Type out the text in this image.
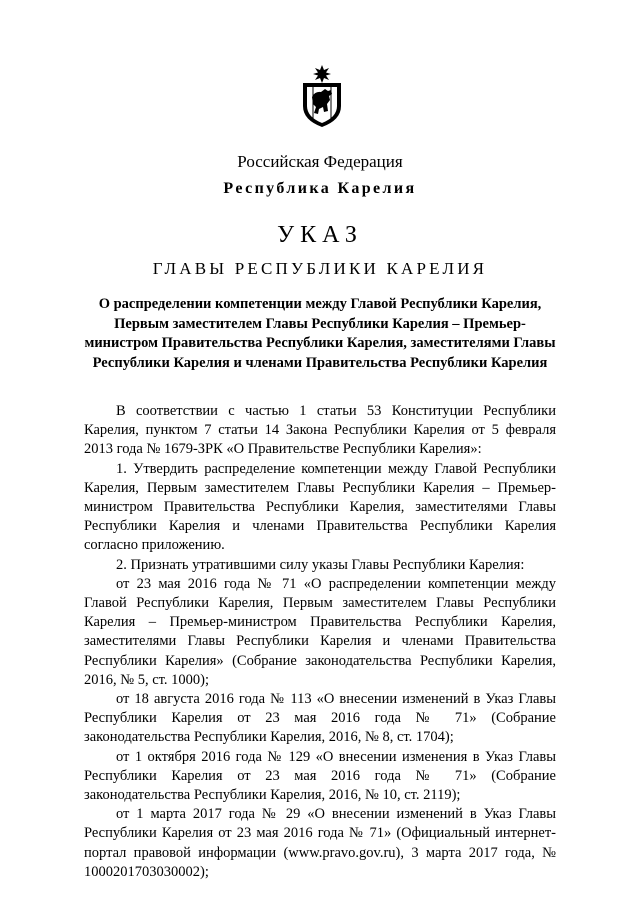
Российская Федерация
Республика Карелия
УКАЗ
ГЛАВЫ РЕСПУБЛИКИ КАРЕЛИЯ
О распределении компетенции между Главой Республики Карелия, Первым заместителем Главы Республики Карелия – Премьер-министром Правительства Республики Карелия, заместителями Главы Республики Карелия и членами Правительства Республики Карелия

В соответствии с частью 1 статьи 53 Конституции Республики Карелия, пунктом 7 статьи 14 Закона Республики Карелия от 5 февраля 2013 года № 1679-ЗРК «О Правительстве Республики Карелия»:

1. Утвердить распределение компетенции между Главой Республики Карелия, Первым заместителем Главы Республики Карелия – Премьер-министром Правительства Республики Карелия, заместителями Главы Республики Карелия и членами Правительства Республики Карелия согласно приложению.

2. Признать утратившими силу указы Главы Республики Карелия:

от 23 мая 2016 года № 71 «О распределении компетенции между Главой Республики Карелия, Первым заместителем Главы Республики Карелия – Премьер-министром Правительства Республики Карелия, заместителями Главы Республики Карелия и членами Правительства Республики Карелия» (Собрание законодательства Республики Карелия, 2016, № 5, ст. 1000);

от 18 августа 2016 года № 113 «О внесении изменений в Указ Главы Республики Карелия от 23 мая 2016 года № 71» (Собрание законодательства Республики Карелия, 2016, № 8, ст. 1704);

от 1 октября 2016 года № 129 «О внесении изменения в Указ Главы Республики Карелия от 23 мая 2016 года № 71» (Собрание законодательства Республики Карелия, 2016, № 10, ст. 2119);

от 1 марта 2017 года № 29 «О внесении изменений в Указ Главы Республики Карелия от 23 мая 2016 года № 71» (Официальный интернет-портал правовой информации (www.pravo.gov.ru), 3 марта 2017 года, № 1000201703030002);
